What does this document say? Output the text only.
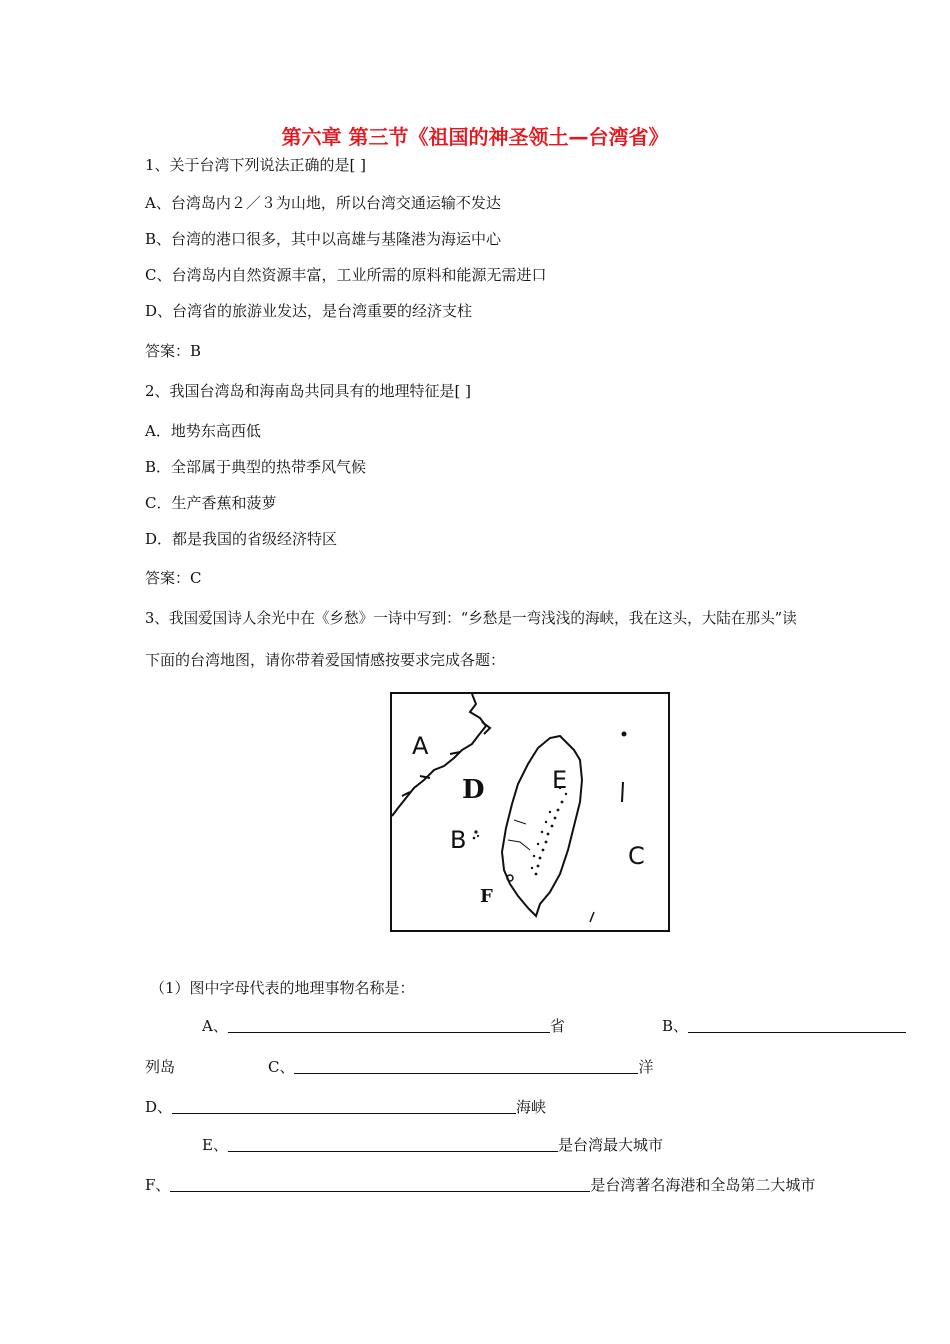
第六章 第三节《祖国的神圣领土—台湾省》
1、关于台湾下列说法正确的是[ ]
A、台湾岛内２／３为山地，所以台湾交通运输不发达
B、台湾的港口很多，其中以高雄与基隆港为海运中心
C、台湾岛内自然资源丰富，工业所需的原料和能源无需进口
D、台湾省的旅游业发达，是台湾重要的经济支柱
答案：B
2、我国台湾岛和海南岛共同具有的地理特征是[ ]
A．地势东高西低
B．全部属于典型的热带季风气候
C．生产香蕉和菠萝
D．都是我国的省级经济特区
答案：C
3、我国爱国诗人余光中在《乡愁》一诗中写到：“乡愁是一弯浅浅的海峡，我在这头，大陆在那头”读
下面的台湾地图，请你带着爱国情感按要求完成各题：
A
D
B
E
C
F
（1）图中字母代表的地理事物名称是：
A、	省	B、
列岛	C、	洋
D、	海峡
E、	是台湾最大城市
F、	是台湾著名海港和全岛第二大城市
